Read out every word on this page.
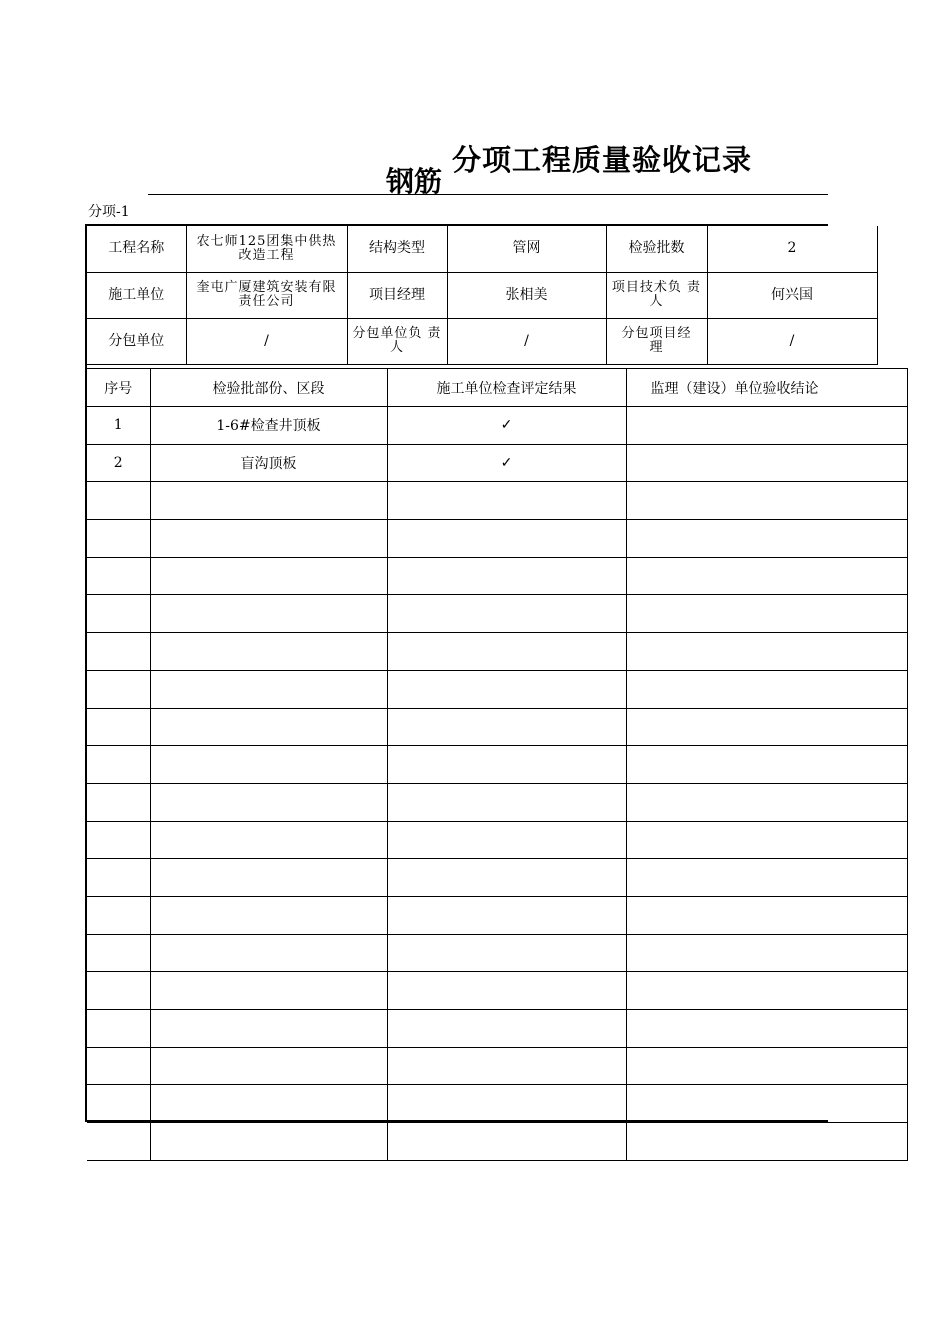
分项工程质量验收记录
钢筋
分项-1
工程名称	农七师125团集中供热改造工程	结构类型	管网	检验批数	2
施工单位	奎屯广厦建筑安装有限责任公司	项目经理	张相美	项目技术负 责 人	何兴国
分包单位	/	分包单位负 责 人	/	分包项目经　　理	/
序号	检验批部份、区段	施工单位检查评定结果	监理（建设）单位验收结论
1	1-6#检查井顶板	✓	
2	盲沟顶板	✓	
